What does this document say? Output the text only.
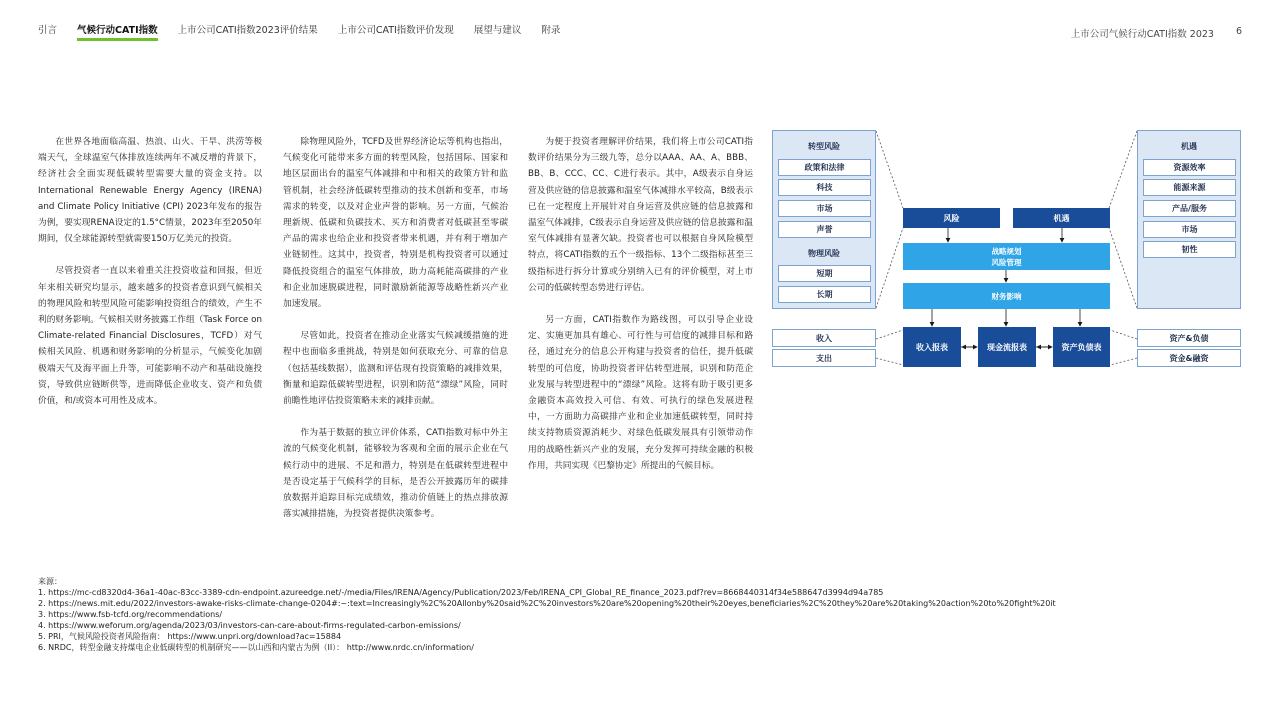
引言 气候行动CATI指数 上市公司CATI指数2023评价结果 上市公司CATI指数评价发现 展望与建议 附录	上市公司气候行动CATI指数 2023 6

在世界各地面临高温、热浪、山火、干旱、洪涝等极端天气，全球温室气体排放连续两年不减反增的背景下，经济社会全面实现低碳转型需要大量的资金支持。以International Renewable Energy Agency (IRENA) and Climate Policy Initiative (CPI) 2023年发布的报告为例，要实现RENA设定的1.5°C情景，2023年至2050年期间，仅全球能源转型就需要150万亿美元的投资。

尽管投资者一直以来着重关注投资收益和回报，但近年来相关研究均显示，越来越多的投资者意识到气候相关的物理风险和转型风险可能影响投资组合的绩效，产生不利的财务影响。气候相关财务披露工作组（Task Force on Climate-related Financial Disclosures，TCFD）对气候相关风险、机遇和财务影响的分析显示，气候变化加剧极端天气及海平面上升等，可能影响不动产和基础设施投资，导致供应链断供等，进而降低企业收支、资产和负债价值，和/或资本可用性及成本。

除物理风险外，TCFD及世界经济论坛等机构也指出，气候变化可能带来多方面的转型风险，包括国际、国家和地区层面出台的温室气体减排和中和相关的政策方针和监管机制，社会经济低碳转型推动的技术创新和变革，市场需求的转变，以及对企业声誉的影响。另一方面，气候治理新规、低碳和负碳技术、买方和消费者对低碳甚至零碳产品的需求也给企业和投资者带来机遇，并有利于增加产业链韧性。这其中，投资者，特别是机构投资者可以通过降低投资组合的温室气体排放，助力高耗能高碳排的产业和企业加速脱碳进程，同时激励新能源等战略性新兴产业加速发展。

尽管如此，投资者在推动企业落实气候减缓措施的进程中也面临多重挑战，特别是如何获取充分、可靠的信息（包括基线数据），监测和评估现有投资策略的减排效果，衡量和追踪低碳转型进程，识别和防范“漂绿”风险，同时前瞻性地评估投资策略未来的减排贡献。

作为基于数据的独立评价体系，CATI指数对标中外主流的气候变化机制，能够较为客观和全面的展示企业在气候行动中的进展、不足和潜力，特别是在低碳转型进程中是否设定基于气候科学的目标，是否公开披露历年的碳排放数据并追踪目标完成绩效，推动价值链上的热点排放源落实减排措施，为投资者提供决策参考。

为便于投资者理解评价结果，我们将上市公司CATI指数评价结果分为三级九等，总分以AAA、AA、A、BBB、BB、B、CCC、CC、C进行表示。其中，A级表示自身运营及供应链的信息披露和温室气体减排水平较高，B级表示已在一定程度上开展针对自身运营及供应链的信息披露和温室气体减排，C级表示自身运营及供应链的信息披露和温室气体减排有显著欠缺。投资者也可以根据自身风险模型特点，将CATI指数的五个一级指标、13个二级指标甚至三级指标进行拆分计算或分别纳入已有的评价模型，对上市公司的低碳转型态势进行评估。

另一方面，CATI指数作为路线图，可以引导企业设定、实施更加具有雄心、可行性与可信度的减排目标和路径，通过充分的信息公开构建与投资者的信任，提升低碳转型的可信度，协助投资者评估转型进展，识别和防范企业发展与转型进程中的“漂绿”风险。这将有助于吸引更多金融资本高效投入可信、有效、可执行的绿色发展进程中，一方面助力高碳排产业和企业加速低碳转型，同时持续支持物质资源消耗少、对绿色低碳发展具有引领带动作用的战略性新兴产业的发展，充分发挥可持续金融的积极作用，共同实现《巴黎协定》所提出的气候目标。

转型风险
政策和法律
科技
市场
声誉
物理风险
短期
长期
机遇
资源效率
能源来源
产品/服务
市场
韧性
风险	机遇
战略规划
风险管理
财务影响
收入报表	现金流报表	资产负债表
收入
支出
资产&负债
资金&融资
来源：
1. https://mc-cd8320d4-36a1-40ac-83cc-3389-cdn-endpoint.azureedge.net/-/media/Files/IRENA/Agency/Publication/2023/Feb/IRENA_CPI_Global_RE_finance_2023.pdf?rev=8668440314f34e588647d3994d94a785
2. https://news.mit.edu/2022/investors-awake-risks-climate-change-0204#:~:text=Increasingly%2C%20Allonby%20said%2C%20investors%20are%20opening%20their%20eyes,beneficiaries%2C%20they%20are%20taking%20action%20to%20fight%20it
3. https://www.fsb-tcfd.org/recommendations/
4. https://www.weforum.org/agenda/2023/03/investors-can-care-about-firms-regulated-carbon-emissions/
5. PRI，气候风险投资者风险指南： https://www.unpri.org/download?ac=15884
6. NRDC，转型金融支持煤电企业低碳转型的机制研究——以山西和内蒙古为例（II）： http://www.nrdc.cn/information/
